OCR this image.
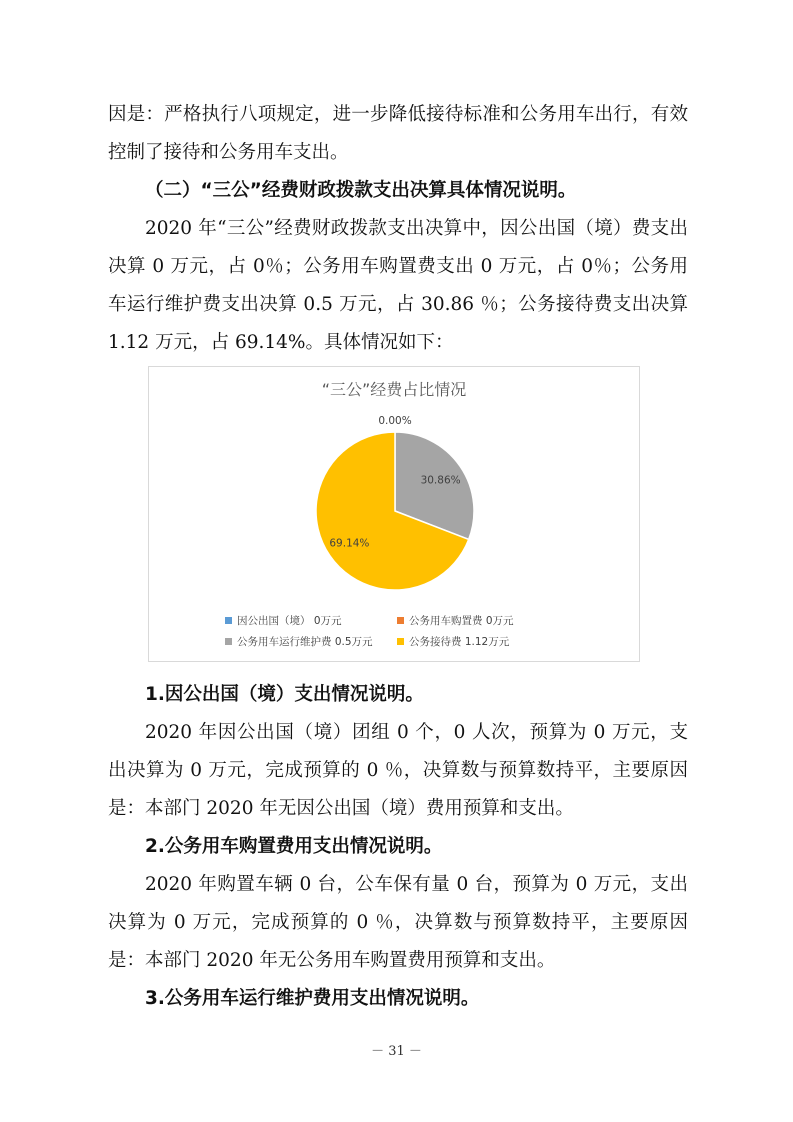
因是：严格执行八项规定，进一步降低接待标准和公务用车出行，有效控制了接待和公务用车支出。

（二）“三公”经费财政拨款支出决算具体情况说明。

2020 年“三公”经费财政拨款支出决算中，因公出国（境）费支出决算 0 万元，占 0％；公务用车购置费支出 0 万元，占 0％；公务用车运行维护费支出决算 0.5 万元，占 30.86 ％；公务接待费支出决算 1.12 万元，占 69.14%。具体情况如下：

“三公”经费占比情况
0.00%
30.86%
69.14%
因公出国（境） 0万元	公务用车购置费 0万元
公务用车运行维护费 0.5万元	公务接待费 1.12万元

1.因公出国（境）支出情况说明。

2020 年因公出国（境）团组 0 个，0 人次，预算为 0 万元，支出决算为 0 万元，完成预算的 0 ％，决算数与预算数持平，主要原因是：本部门 2020 年无因公出国（境）费用预算和支出。

2.公务用车购置费用支出情况说明。

2020 年购置车辆 0 台，公车保有量 0 台，预算为 0 万元，支出决算为 0 万元，完成预算的 0 ％，决算数与预算数持平，主要原因是：本部门 2020 年无公务用车购置费用预算和支出。

3.公务用车运行维护费用支出情况说明。

－ 31 －
